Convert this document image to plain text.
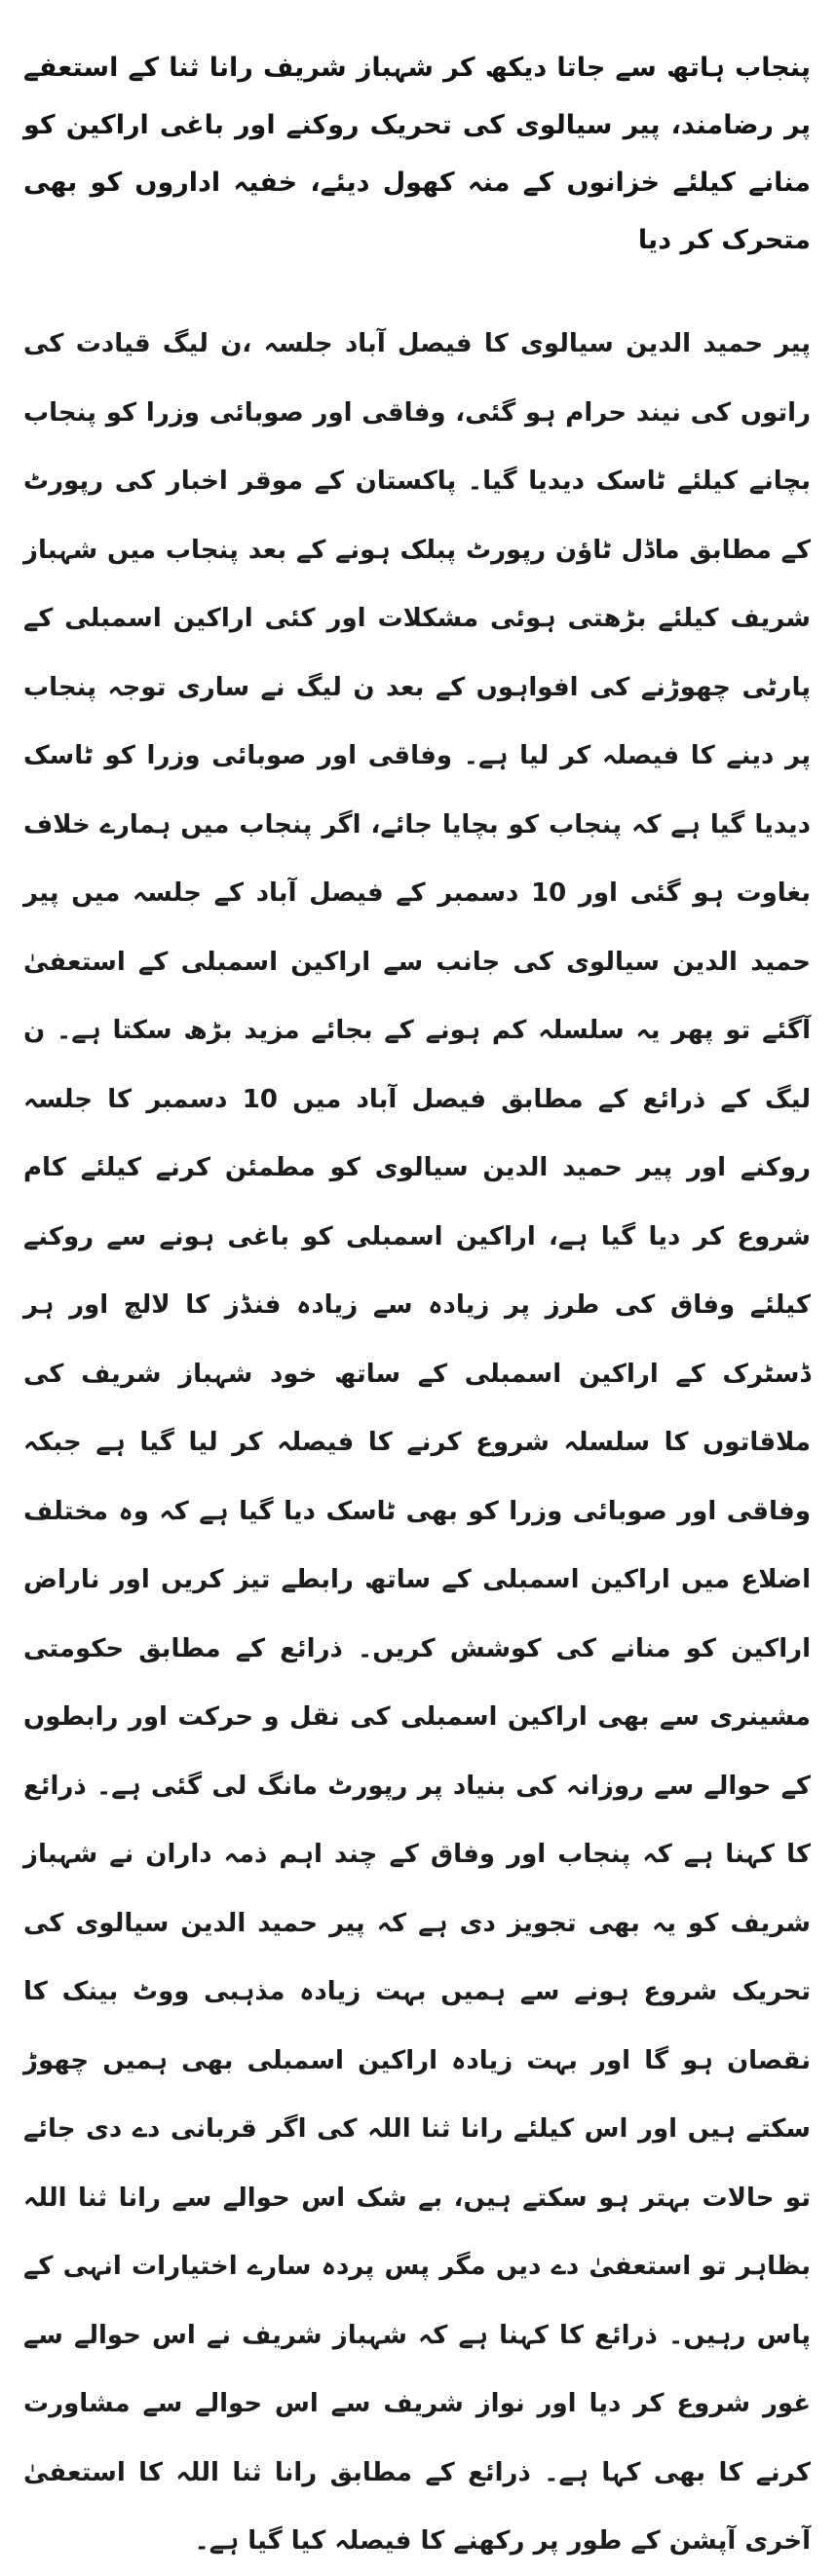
پنجاب ہاتھ سے جاتا دیکھ کر شہباز شریف رانا ثنا کے استعفے پر رضامند، پیر سیالوی کی تحریک روکنے اور باغی اراکین کو منانے کیلئے خزانوں کے منہ کھول دیئے، خفیہ اداروں کو بھی متحرک کر دیا

پیر حمید الدین سیالوی کا فیصل آباد جلسہ ،ن لیگ قیادت کی راتوں کی نیند حرام ہو گئی، وفاقی اور صوبائی وزرا کو پنجاب بچانے کیلئے ٹاسک دیدیا گیا۔ پاکستان کے موقر اخبار کی رپورٹ کے مطابق ماڈل ٹاؤن رپورٹ پبلک ہونے کے بعد پنجاب میں شہباز شریف کیلئے بڑھتی ہوئی مشکلات اور کئی اراکین اسمبلی کے پارٹی چھوڑنے کی افواہوں کے بعد ن لیگ نے ساری توجہ پنجاب پر دینے کا فیصلہ کر لیا ہے۔ وفاقی اور صوبائی وزرا کو ٹاسک دیدیا گیا ہے کہ پنجاب کو بچایا جائے، اگر پنجاب میں ہمارے خلاف بغاوت ہو گئی اور 10 دسمبر کے فیصل آباد کے جلسہ میں پیر حمید الدین سیالوی کی جانب سے اراکین اسمبلی کے استعفیٰ آگئے تو پھر یہ سلسلہ کم ہونے کے بجائے مزید بڑھ سکتا ہے۔ ن لیگ کے ذرائع کے مطابق فیصل آباد میں 10 دسمبر کا جلسہ روکنے اور پیر حمید الدین سیالوی کو مطمئن کرنے کیلئے کام شروع کر دیا گیا ہے، اراکین اسمبلی کو باغی ہونے سے روکنے کیلئے وفاق کی طرز پر زیادہ سے زیادہ فنڈز کا لالچ اور ہر ڈسٹرک کے اراکین اسمبلی کے ساتھ خود شہباز شریف کی ملاقاتوں کا سلسلہ شروع کرنے کا فیصلہ کر لیا گیا ہے جبکہ وفاقی اور صوبائی وزرا کو بھی ٹاسک دیا گیا ہے کہ وہ مختلف اضلاع میں اراکین اسمبلی کے ساتھ رابطے تیز کریں اور ناراض اراکین کو منانے کی کوشش کریں۔ ذرائع کے مطابق حکومتی مشینری سے بھی اراکین اسمبلی کی نقل و حرکت اور رابطوں کے حوالے سے روزانہ کی بنیاد پر رپورٹ مانگ لی گئی ہے۔ ذرائع کا کہنا ہے کہ پنجاب اور وفاق کے چند اہم ذمہ داران نے شہباز شریف کو یہ بھی تجویز دی ہے کہ پیر حمید الدین سیالوی کی تحریک شروع ہونے سے ہمیں بہت زیادہ مذہبی ووٹ بینک کا نقصان ہو گا اور بہت زیادہ اراکین اسمبلی بھی ہمیں چھوڑ سکتے ہیں اور اس کیلئے رانا ثنا اللہ کی اگر قربانی دے دی جائے تو حالات بہتر ہو سکتے ہیں، بے شک اس حوالے سے رانا ثنا اللہ بظاہر تو استعفیٰ دے دیں مگر پس پردہ سارے اختیارات انہی کے پاس رہیں۔ ذرائع کا کہنا ہے کہ شہباز شریف نے اس حوالے سے غور شروع کر دیا اور نواز شریف سے اس حوالے سے مشاورت کرنے کا بھی کہا ہے۔ ذرائع کے مطابق رانا ثنا اللہ کا استعفیٰ آخری آپشن کے طور پر رکھنے کا فیصلہ کیا گیا ہے۔
